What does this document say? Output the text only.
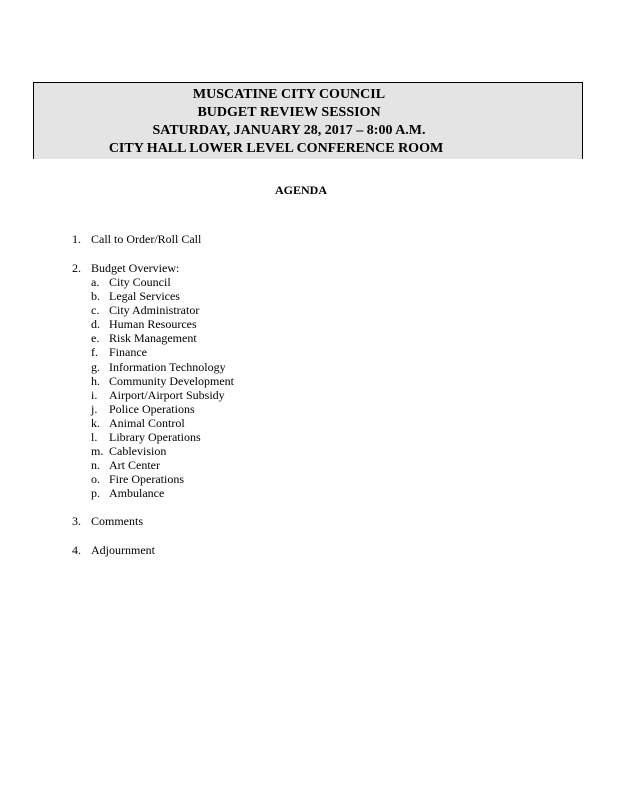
MUSCATINE CITY COUNCIL
BUDGET REVIEW SESSION
SATURDAY, JANUARY 28, 2017 – 8:00 A.M.
CITY HALL LOWER LEVEL CONFERENCE ROOM
AGENDA
1. Call to Order/Roll Call
2. Budget Overview:
a. City Council
b. Legal Services
c. City Administrator
d. Human Resources
e. Risk Management
f. Finance
g. Information Technology
h. Community Development
i. Airport/Airport Subsidy
j. Police Operations
k. Animal Control
l. Library Operations
m. Cablevision
n. Art Center
o. Fire Operations
p. Ambulance
3. Comments
4. Adjournment
